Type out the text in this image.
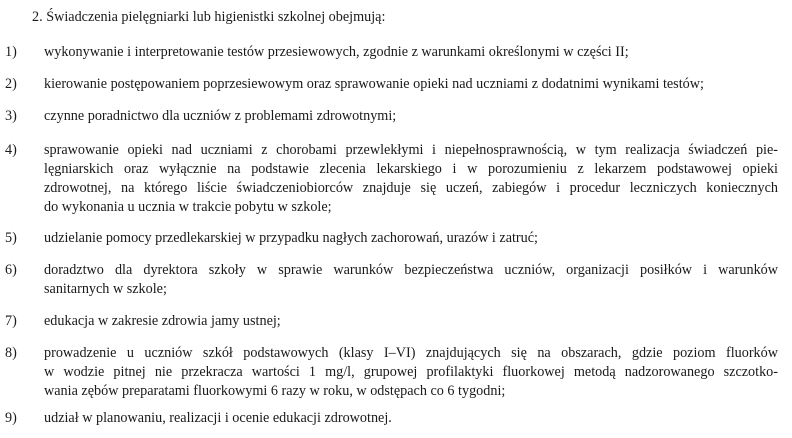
2. Świadczenia pielęgniarki lub higienistki szkolnej obejmują:
1) wykonywanie i interpretowanie testów przesiewowych, zgodnie z warunkami określonymi w części II;
2) kierowanie postępowaniem poprzesiewowym oraz sprawowanie opieki nad uczniami z dodatnimi wynikami testów;
3) czynne poradnictwo dla uczniów z problemami zdrowotnymi;
4) sprawowanie opieki nad uczniami z chorobami przewlekłymi i niepełnosprawnością, w tym realizacja świadczeń pie-
lęgniarskich oraz wyłącznie na podstawie zlecenia lekarskiego i w porozumieniu z lekarzem podstawowej opieki
zdrowotnej, na którego liście świadczeniobiorców znajduje się uczeń, zabiegów i procedur leczniczych koniecznych
do wykonania u ucznia w trakcie pobytu w szkole;
5) udzielanie pomocy przedlekarskiej w przypadku nagłych zachorowań, urazów i zatruć;
6) doradztwo dla dyrektora szkoły w sprawie warunków bezpieczeństwa uczniów, organizacji posiłków i warunków
sanitarnych w szkole;
7) edukacja w zakresie zdrowia jamy ustnej;
8) prowadzenie u uczniów szkół podstawowych (klasy I–VI) znajdujących się na obszarach, gdzie poziom fluorków
w wodzie pitnej nie przekracza wartości 1 mg/l, grupowej profilaktyki fluorkowej metodą nadzorowanego szczotko-
wania zębów preparatami fluorkowymi 6 razy w roku, w odstępach co 6 tygodni;
9) udział w planowaniu, realizacji i ocenie edukacji zdrowotnej.
